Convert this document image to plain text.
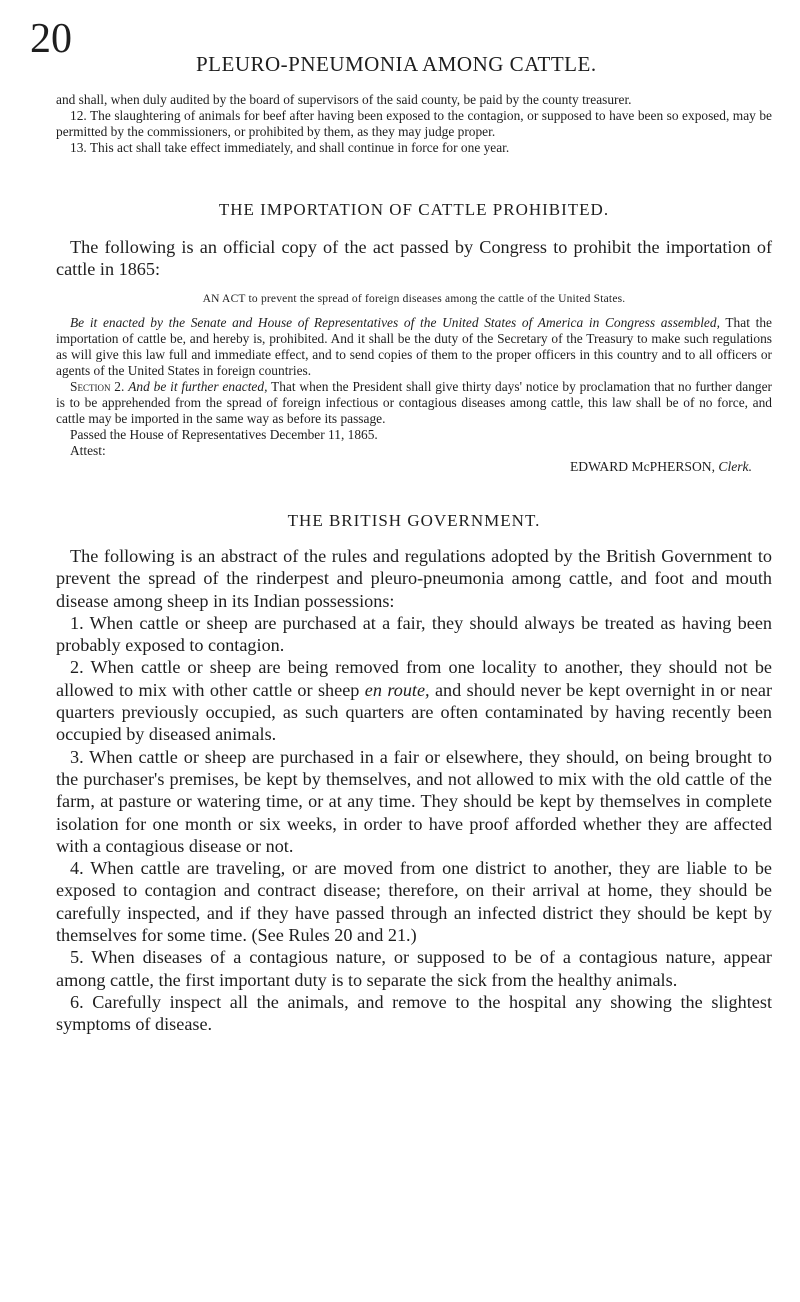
20
PLEURO-PNEUMONIA AMONG CATTLE.

and shall, when duly audited by the board of supervisors of the said county, be paid by the county treasurer.

12. The slaughtering of animals for beef after having been exposed to the contagion, or supposed to have been so exposed, may be permitted by the commissioners, or prohibited by them, as they may judge proper.

13. This act shall take effect immediately, and shall continue in force for one year.

THE IMPORTATION OF CATTLE PROHIBITED.

The following is an official copy of the act passed by Congress to prohibit the importation of cattle in 1865:

AN ACT to prevent the spread of foreign diseases among the cattle of the United States.

Be it enacted by the Senate and House of Representatives of the United States of America in Congress assembled, That the importation of cattle be, and hereby is, prohibited. And it shall be the duty of the Secretary of the Treasury to make such regulations as will give this law full and immediate effect, and to send copies of them to the proper officers in this country and to all officers or agents of the United States in foreign countries.

Section 2. And be it further enacted, That when the President shall give thirty days' notice by proclamation that no further danger is to be apprehended from the spread of foreign infectious or contagious diseases among cattle, this law shall be of no force, and cattle may be imported in the same way as before its passage.

Passed the House of Representatives December 11, 1865.

Attest:

EDWARD McPHERSON, Clerk.

THE BRITISH GOVERNMENT.

The following is an abstract of the rules and regulations adopted by the British Government to prevent the spread of the rinderpest and pleuro-pneumonia among cattle, and foot and mouth disease among sheep in its Indian possessions:

1. When cattle or sheep are purchased at a fair, they should always be treated as having been probably exposed to contagion.

2. When cattle or sheep are being removed from one locality to another, they should not be allowed to mix with other cattle or sheep en route, and should never be kept overnight in or near quarters previously occupied, as such quarters are often contaminated by having recently been occupied by diseased animals.

3. When cattle or sheep are purchased in a fair or elsewhere, they should, on being brought to the purchaser's premises, be kept by themselves, and not allowed to mix with the old cattle of the farm, at pasture or watering time, or at any time. They should be kept by themselves in complete isolation for one month or six weeks, in order to have proof afforded whether they are affected with a contagious disease or not.

4. When cattle are traveling, or are moved from one district to another, they are liable to be exposed to contagion and contract disease; therefore, on their arrival at home, they should be carefully inspected, and if they have passed through an infected district they should be kept by themselves for some time. (See Rules 20 and 21.)

5. When diseases of a contagious nature, or supposed to be of a contagious nature, appear among cattle, the first important duty is to separate the sick from the healthy animals.

6. Carefully inspect all the animals, and remove to the hospital any showing the slightest symptoms of disease.
